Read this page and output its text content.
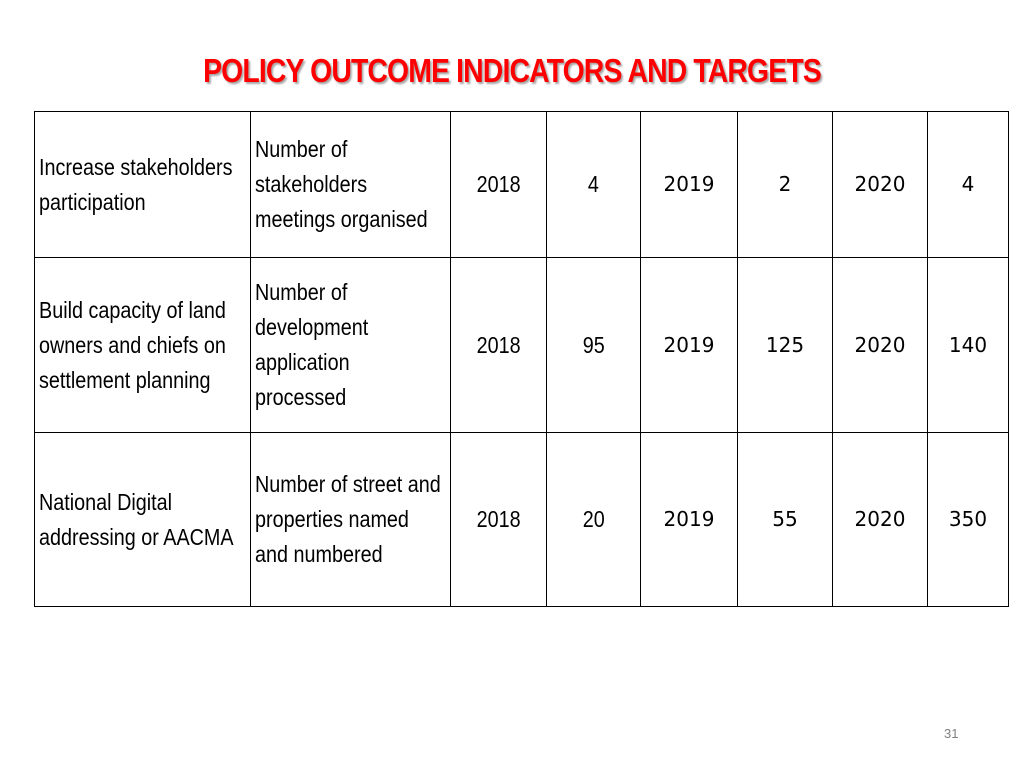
POLICY OUTCOME INDICATORS AND TARGETS
Increase stakeholders participation	Number of stakeholders meetings organised	2018	4	2019	2	2020	4
Build capacity of land owners and chiefs on settlement planning	Number of development application processed	2018	95	2019	125	2020	140
National Digital addressing or AACMA	Number of street and properties named and numbered	2018	20	2019	55	2020	350
31
